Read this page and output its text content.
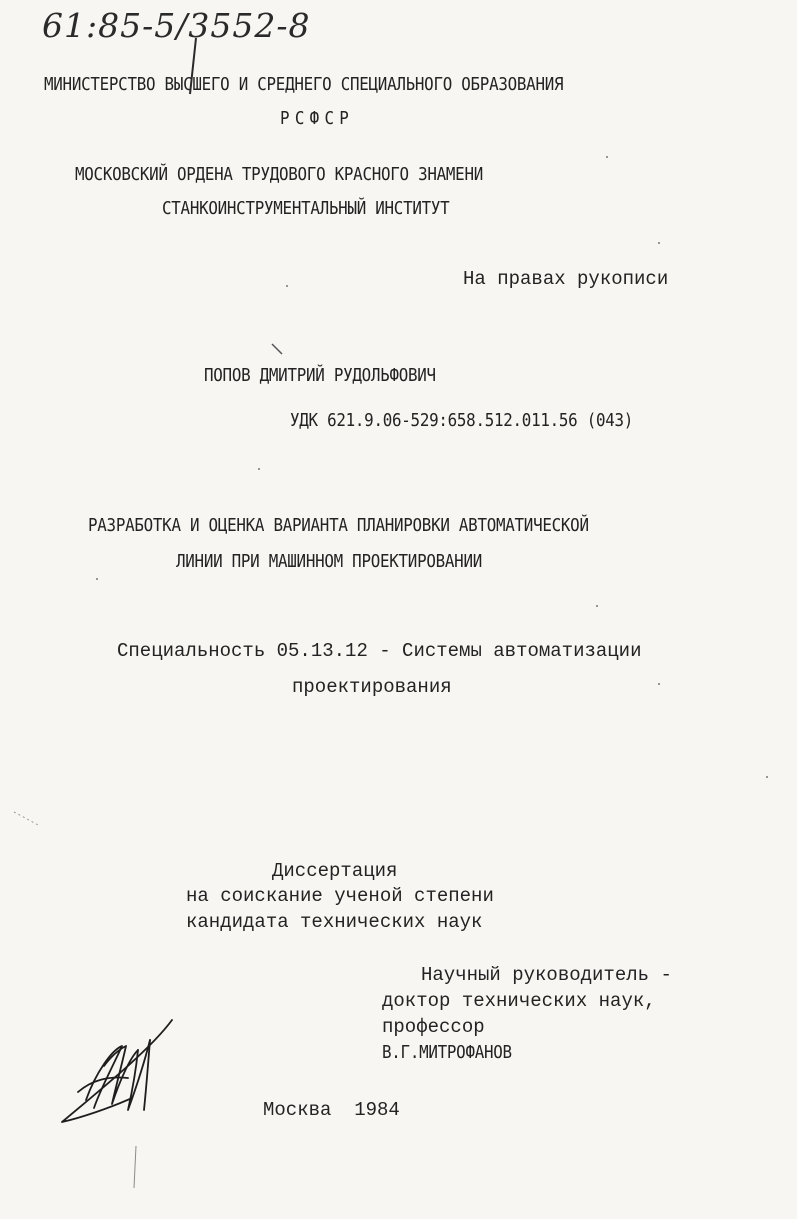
61:85-5/3552-8
МИНИСТЕРСТВО ВЫСШЕГО И СРЕДНЕГО СПЕЦИАЛЬНОГО ОБРАЗОВАНИЯ
РСФСР
МОСКОВСКИЙ ОРДЕНА ТРУДОВОГО КРАСНОГО ЗНАМЕНИ
СТАНКОИНСТРУМЕНТАЛЬНЫЙ ИНСТИТУТ
На правах рукописи
ПОПОВ ДМИТРИЙ РУДОЛЬФОВИЧ
УДК 621.9.06-529:658.512.011.56 (043)
РАЗРАБОТКА И ОЦЕНКА ВАРИАНТА ПЛАНИРОВКИ АВТОМАТИЧЕСКОЙ
ЛИНИИ ПРИ МАШИННОМ ПРОЕКТИРОВАНИИ
Специальность 05.13.12 - Системы автоматизации
проектирования
Диссертация
на соискание ученой степени
кандидата технических наук
Научный руководитель -
доктор технических наук,
профессор
В.Г.МИТРОФАНОВ
Москва  1984
